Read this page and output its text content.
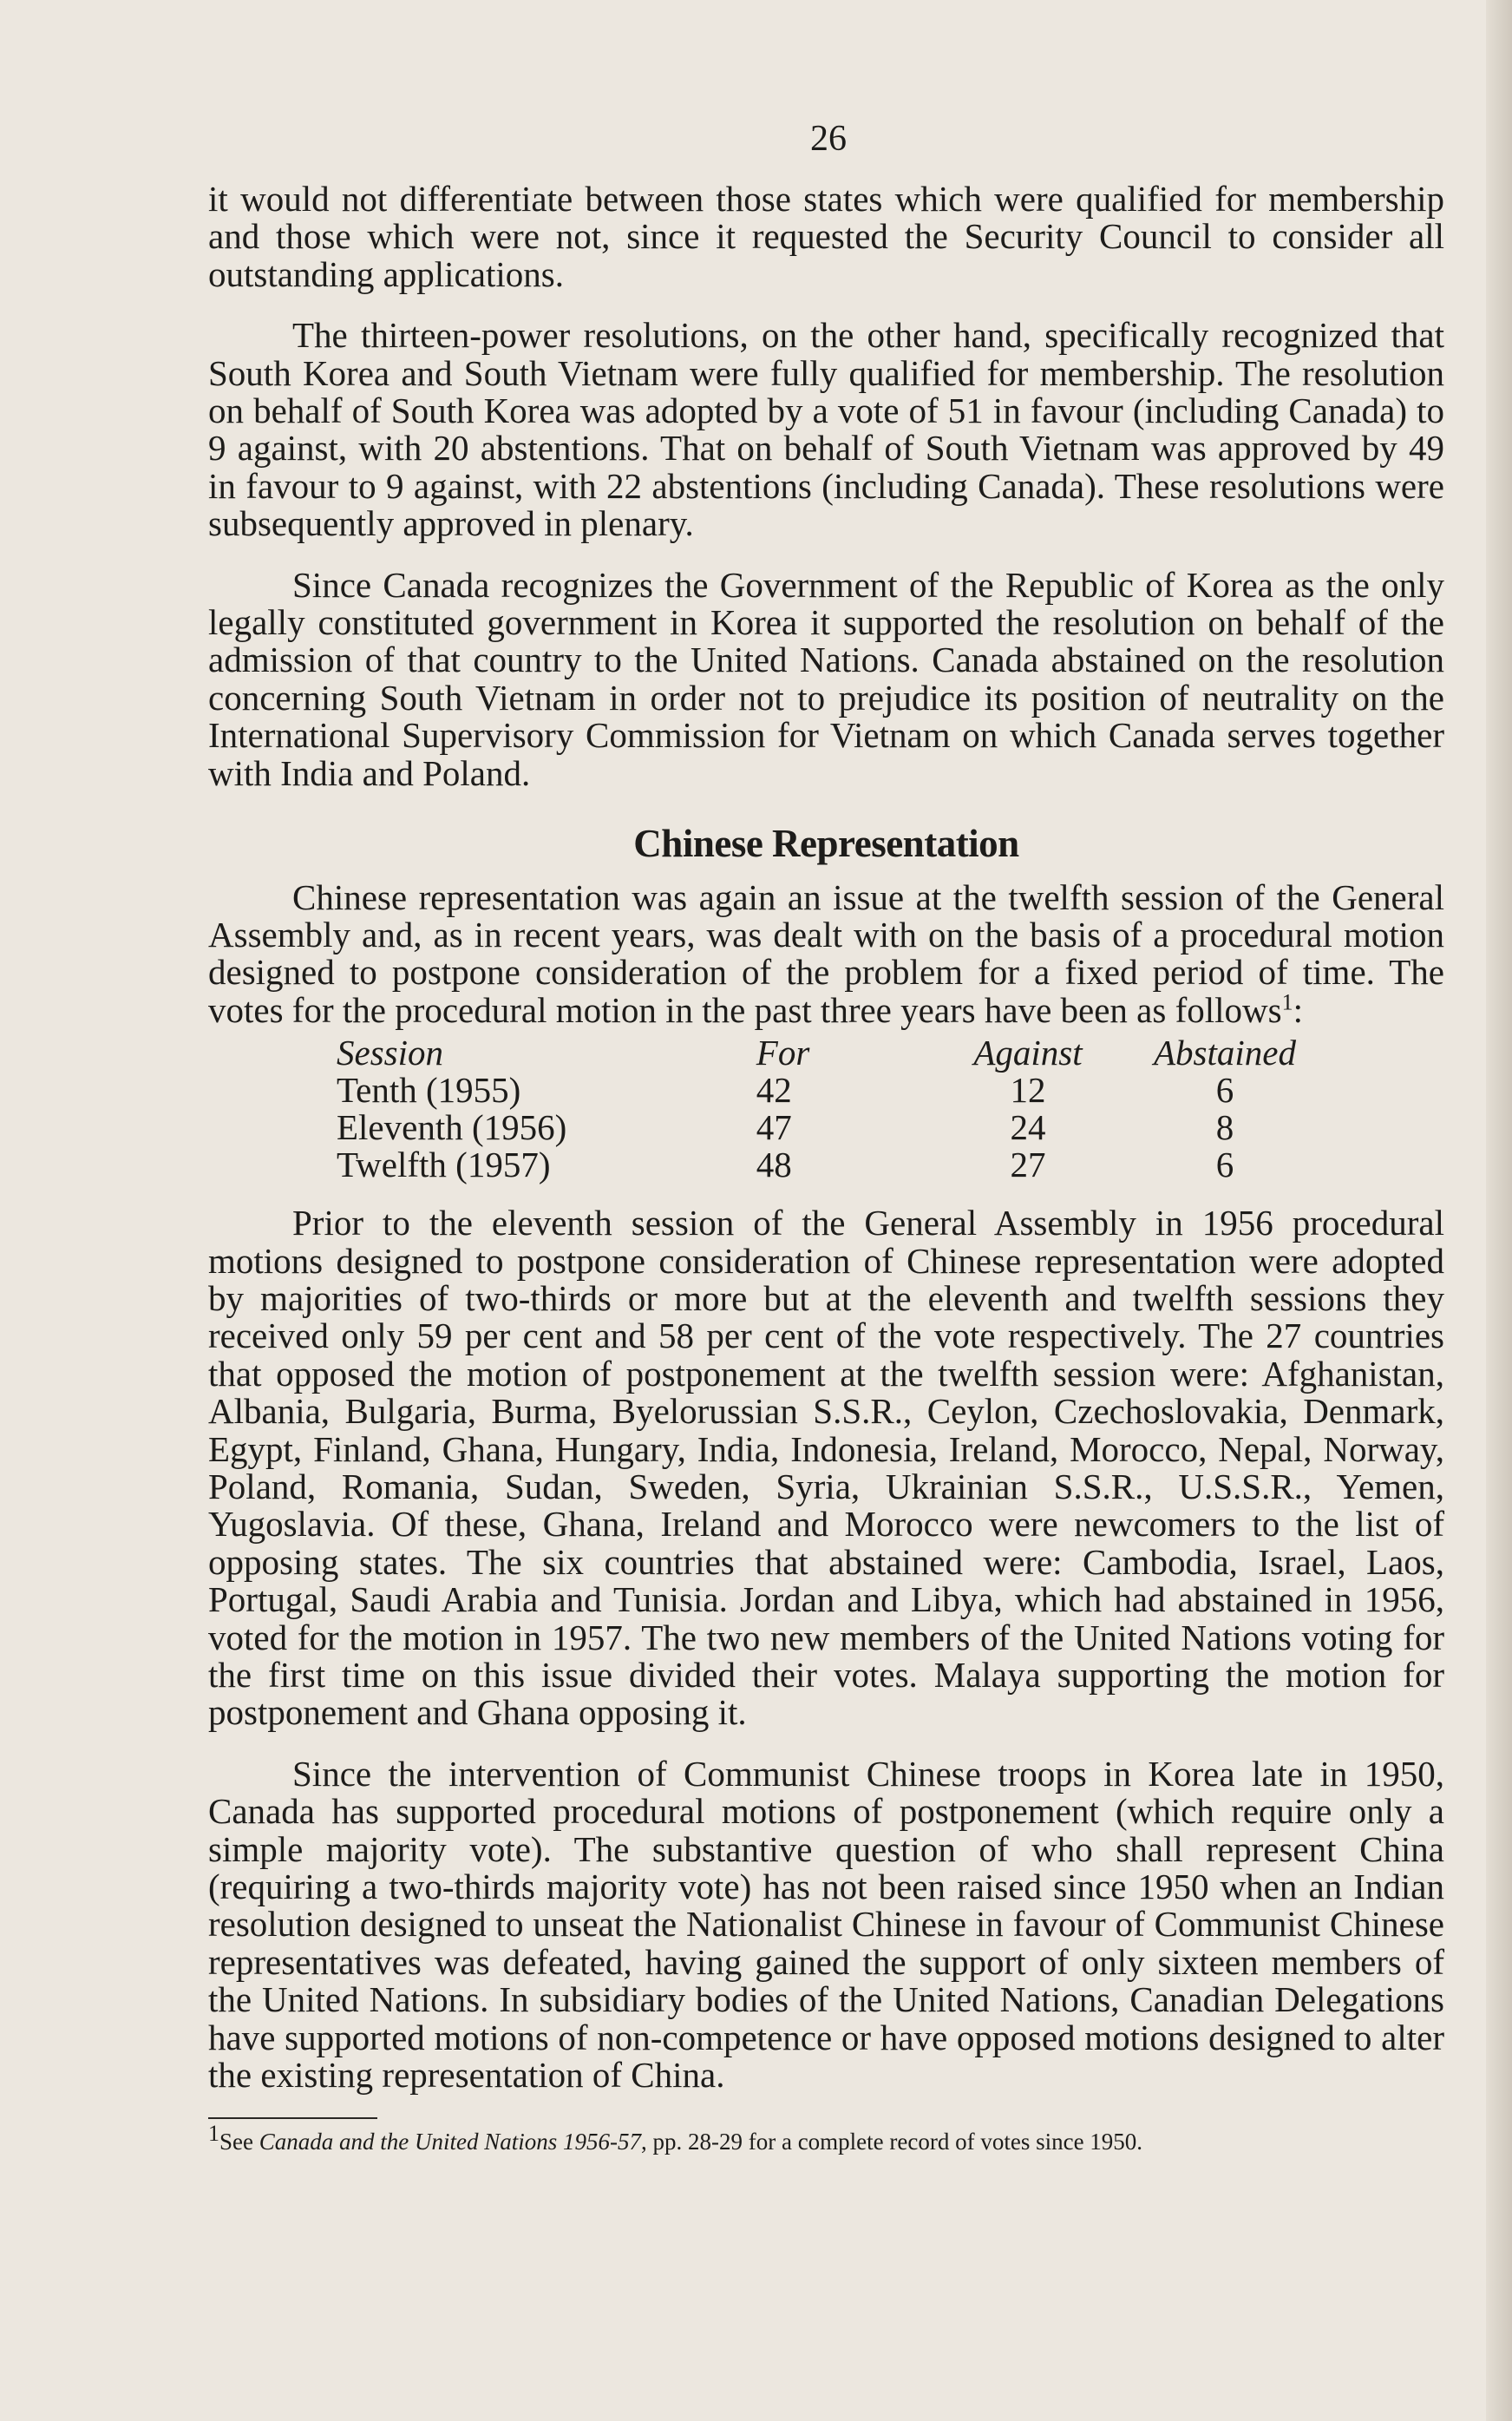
26

it would not differentiate between those states which were qualified for membership and those which were not, since it requested the Security Council to consider all outstanding applications.

The thirteen-power resolutions, on the other hand, specifically recognized that South Korea and South Vietnam were fully qualified for membership. The resolution on behalf of South Korea was adopted by a vote of 51 in favour (including Canada) to 9 against, with 20 abstentions. That on behalf of South Vietnam was approved by 49 in favour to 9 against, with 22 abstentions (including Canada). These resolutions were subsequently approved in plenary.

Since Canada recognizes the Government of the Republic of Korea as the only legally constituted government in Korea it supported the resolution on behalf of the admission of that country to the United Nations. Canada abstained on the resolution concerning South Vietnam in order not to prejudice its position of neutrality on the International Supervisory Commission for Vietnam on which Canada serves together with India and Poland.

Chinese Representation

Chinese representation was again an issue at the twelfth session of the General Assembly and, as in recent years, was dealt with on the basis of a procedural motion designed to postpone consideration of the problem for a fixed period of time. The votes for the procedural motion in the past three years have been as follows$^1$:

Session	For	Against	Abstained
Tenth (1955)	42	12	6
Eleventh (1956)	47	24	8
Twelfth (1957)	48	27	6

Prior to the eleventh session of the General Assembly in 1956 procedural motions designed to postpone consideration of Chinese representation were adopted by majorities of two-thirds or more but at the eleventh and twelfth sessions they received only 59 per cent and 58 per cent of the vote respectively. The 27 countries that opposed the motion of postponement at the twelfth session were: Afghanistan, Albania, Bulgaria, Burma, Byelorussian S.S.R., Ceylon, Czechoslovakia, Denmark, Egypt, Finland, Ghana, Hungary, India, Indonesia, Ireland, Morocco, Nepal, Norway, Poland, Romania, Sudan, Sweden, Syria, Ukrainian S.S.R., U.S.S.R., Yemen, Yugoslavia. Of these, Ghana, Ireland and Morocco were newcomers to the list of opposing states. The six countries that abstained were: Cambodia, Israel, Laos, Portugal, Saudi Arabia and Tunisia. Jordan and Libya, which had abstained in 1956, voted for the motion in 1957. The two new members of the United Nations voting for the first time on this issue divided their votes. Malaya supporting the motion for postponement and Ghana opposing it.

Since the intervention of Communist Chinese troops in Korea late in 1950, Canada has supported procedural motions of postponement (which require only a simple majority vote). The substantive question of who shall represent China (requiring a two-thirds majority vote) has not been raised since 1950 when an Indian resolution designed to unseat the Nationalist Chinese in favour of Communist Chinese representatives was defeated, having gained the support of only sixteen members of the United Nations. In subsidiary bodies of the United Nations, Canadian Delegations have supported motions of non-competence or have opposed motions designed to alter the existing representation of China.

$^1$See Canada and the United Nations 1956-57, pp. 28-29 for a complete record of votes since 1950.
